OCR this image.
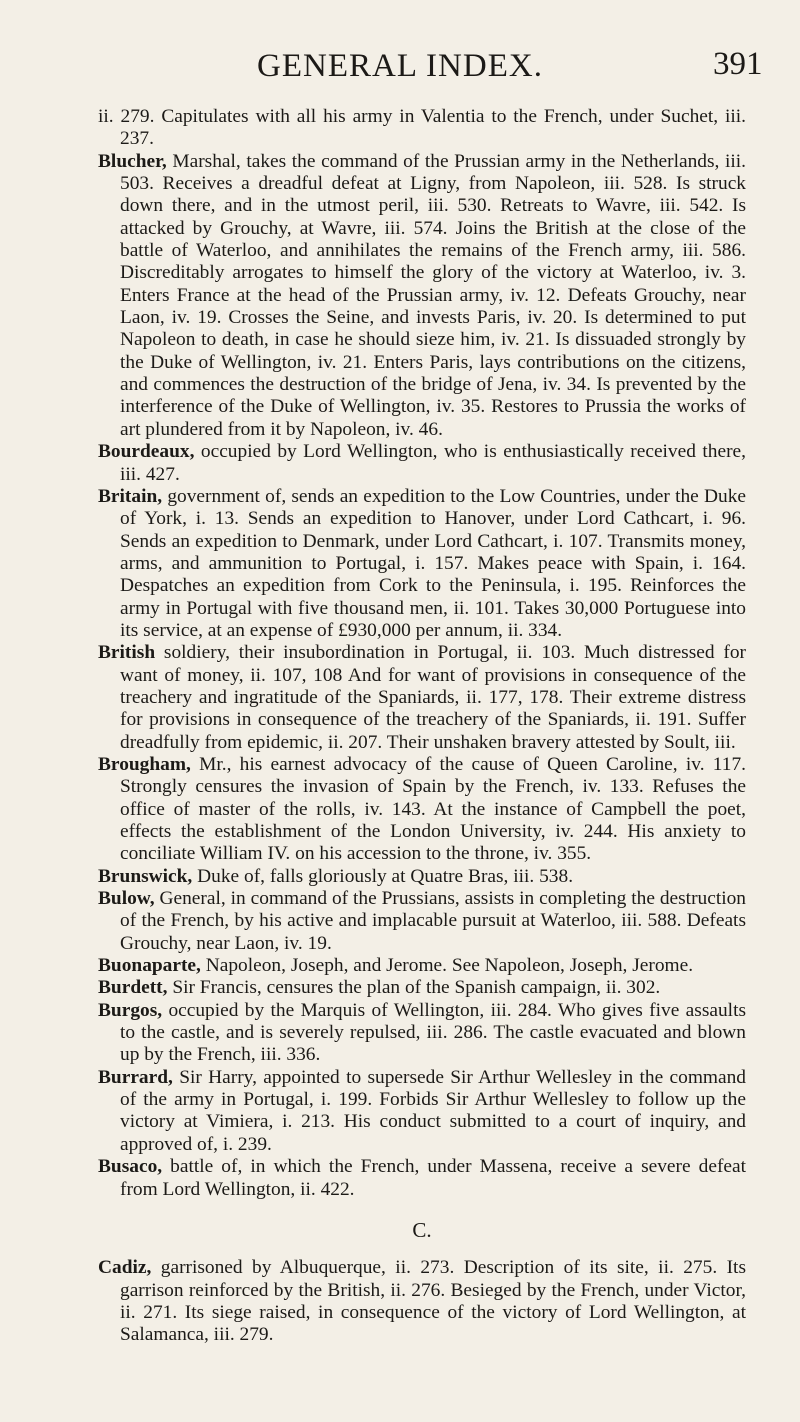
GENERAL INDEX.	391

ii. 279. Capitulates with all his army in Valentia to the French, under Suchet, iii. 237.

Blucher, Marshal, takes the command of the Prussian army in the Netherlands, iii. 503. Receives a dreadful defeat at Ligny, from Napoleon, iii. 528. Is struck down there, and in the utmost peril, iii. 530. Retreats to Wavre, iii. 542. Is attacked by Grouchy, at Wavre, iii. 574. Joins the British at the close of the battle of Waterloo, and annihilates the remains of the French army, iii. 586. Discreditably arrogates to himself the glory of the victory at Waterloo, iv. 3. Enters France at the head of the Prussian army, iv. 12. Defeats Grouchy, near Laon, iv. 19. Crosses the Seine, and invests Paris, iv. 20. Is determined to put Napoleon to death, in case he should sieze him, iv. 21. Is dissuaded strongly by the Duke of Wellington, iv. 21. Enters Paris, lays contributions on the citizens, and commences the destruction of the bridge of Jena, iv. 34. Is prevented by the interference of the Duke of Wellington, iv. 35. Restores to Prussia the works of art plundered from it by Napoleon, iv. 46.

Bourdeaux, occupied by Lord Wellington, who is enthusiastically received there, iii. 427.

Britain, government of, sends an expedition to the Low Countries, under the Duke of York, i. 13. Sends an expedition to Hanover, under Lord Cathcart, i. 96. Sends an expedition to Denmark, under Lord Cathcart, i. 107. Transmits money, arms, and ammunition to Portugal, i. 157. Makes peace with Spain, i. 164. Despatches an expedition from Cork to the Peninsula, i. 195. Reinforces the army in Portugal with five thousand men, ii. 101. Takes 30,000 Portuguese into its service, at an expense of £930,000 per annum, ii. 334.

British soldiery, their insubordination in Portugal, ii. 103. Much distressed for want of money, ii. 107, 108 And for want of provisions in consequence of the treachery and ingratitude of the Spaniards, ii. 177, 178. Their extreme distress for provisions in consequence of the treachery of the Spaniards, ii. 191. Suffer dreadfully from epidemic, ii. 207. Their unshaken bravery attested by Soult, iii.

Brougham, Mr., his earnest advocacy of the cause of Queen Caroline, iv. 117. Strongly censures the invasion of Spain by the French, iv. 133. Refuses the office of master of the rolls, iv. 143. At the instance of Campbell the poet, effects the establishment of the London University, iv. 244. His anxiety to conciliate William IV. on his accession to the throne, iv. 355.

Brunswick, Duke of, falls gloriously at Quatre Bras, iii. 538.

Bulow, General, in command of the Prussians, assists in completing the destruction of the French, by his active and implacable pursuit at Waterloo, iii. 588. Defeats Grouchy, near Laon, iv. 19.

Buonaparte, Napoleon, Joseph, and Jerome. See Napoleon, Joseph, Jerome.

Burdett, Sir Francis, censures the plan of the Spanish campaign, ii. 302.

Burgos, occupied by the Marquis of Wellington, iii. 284. Who gives five assaults to the castle, and is severely repulsed, iii. 286. The castle evacuated and blown up by the French, iii. 336.

Burrard, Sir Harry, appointed to supersede Sir Arthur Wellesley in the command of the army in Portugal, i. 199. Forbids Sir Arthur Wellesley to follow up the victory at Vimiera, i. 213. His conduct submitted to a court of inquiry, and approved of, i. 239.

Busaco, battle of, in which the French, under Massena, receive a severe defeat from Lord Wellington, ii. 422.

C.

Cadiz, garrisoned by Albuquerque, ii. 273. Description of its site, ii. 275. Its garrison reinforced by the British, ii. 276. Besieged by the French, under Victor, ii. 271. Its siege raised, in consequence of the victory of Lord Wellington, at Salamanca, iii. 279.
